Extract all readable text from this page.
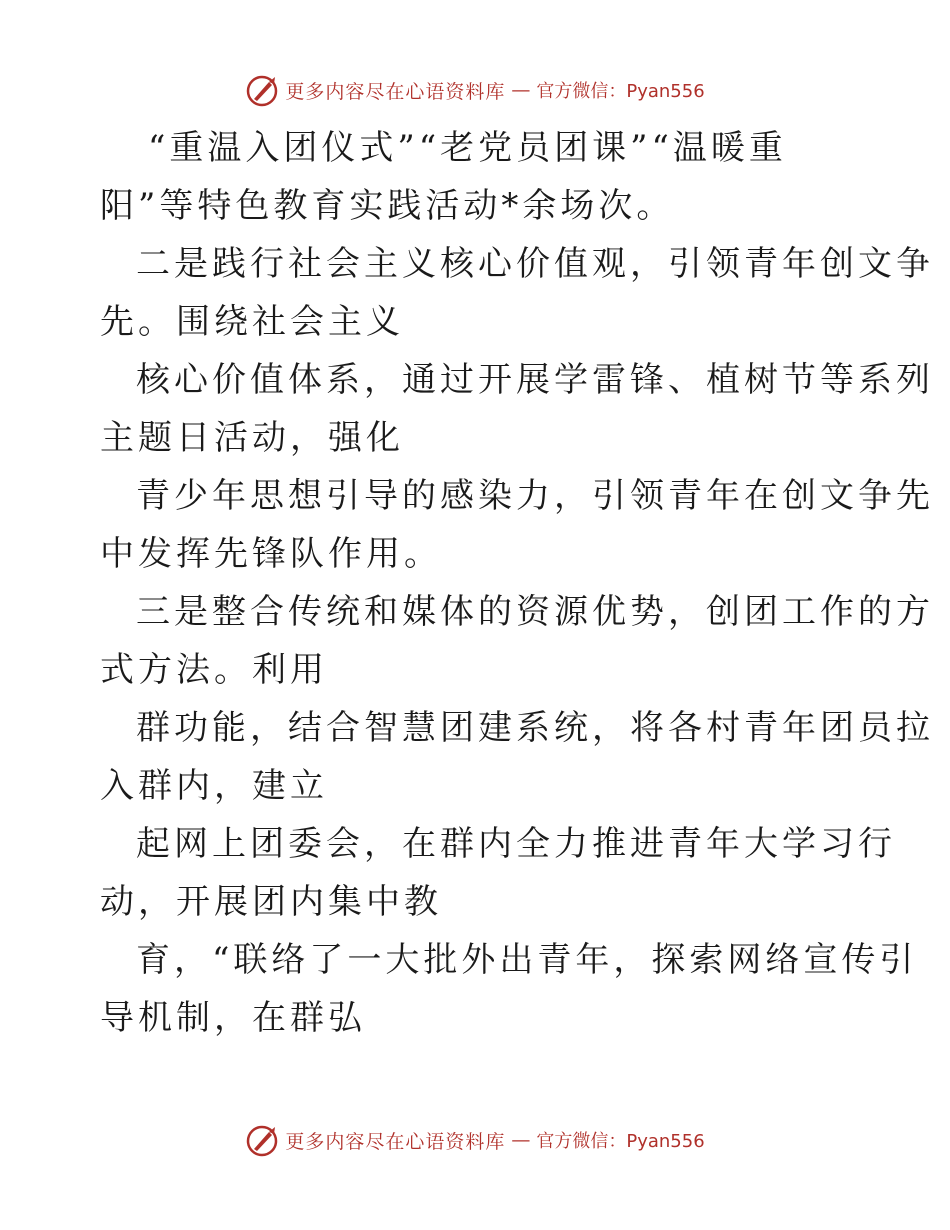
更多内容尽在心语资料库 — 官方微信：Pyan556
“重温入团仪式”“老党员团课”“温暖重
阳”等特色教育实践活动*余场次。
二是践行社会主义核心价值观，引领青年创文争
先。围绕社会主义
核心价值体系，通过开展学雷锋、植树节等系列
主题日活动，强化
青少年思想引导的感染力，引领青年在创文争先
中发挥先锋队作用。
三是整合传统和媒体的资源优势，创团工作的方
式方法。利用
群功能，结合智慧团建系统，将各村青年团员拉
入群内，建立
起网上团委会，在群内全力推进青年大学习行
动，开展团内集中教
育，“联络了一大批外出青年，探索网络宣传引
导机制，在群弘
更多内容尽在心语资料库 — 官方微信：Pyan556
